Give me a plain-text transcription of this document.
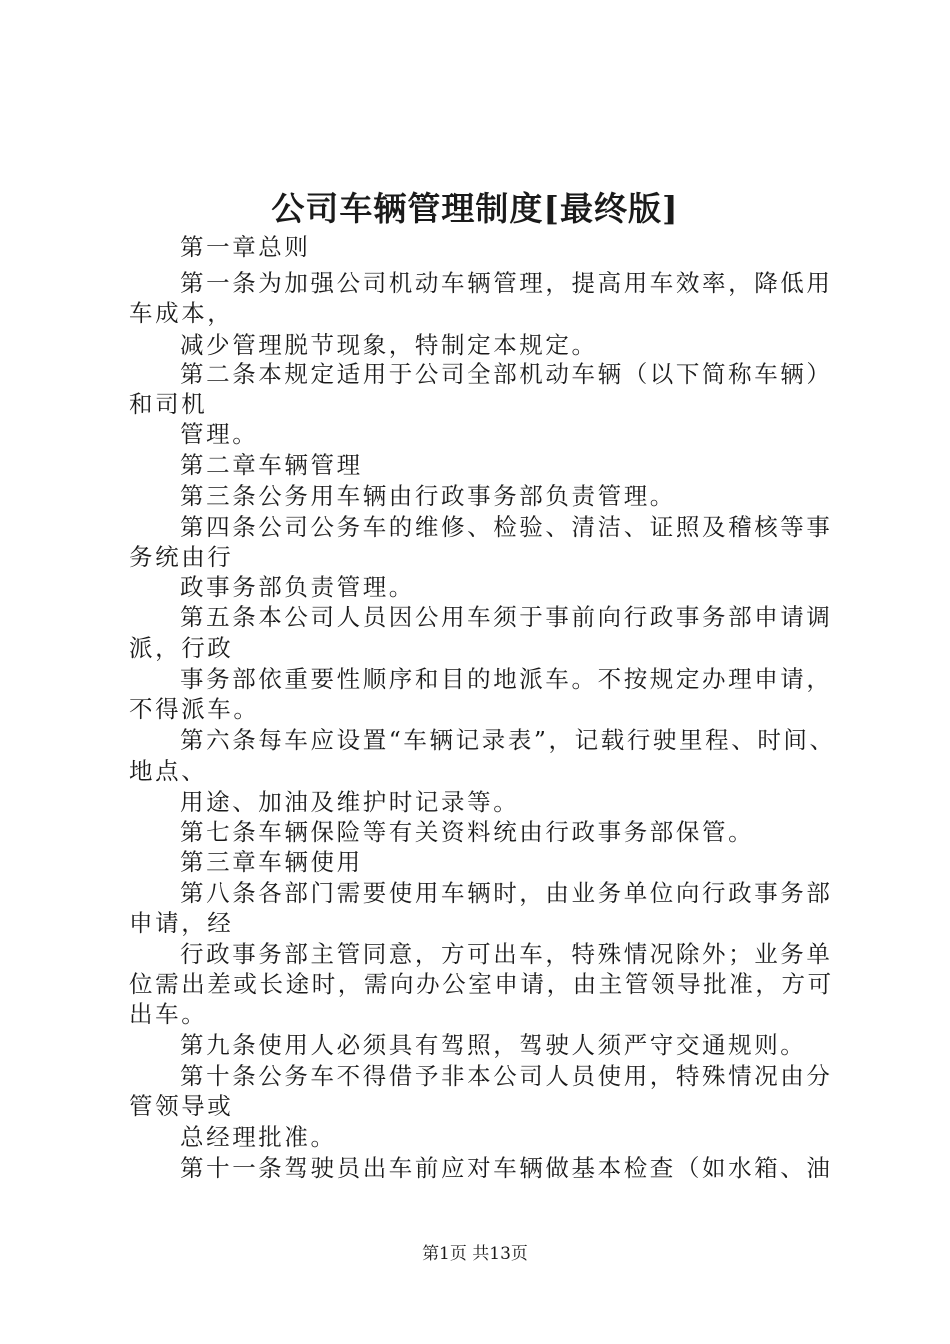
公司车辆管理制度[最终版]
第一章总则
第一条为加强公司机动车辆管理，提高用车效率，降低用
车成本，
减少管理脱节现象，特制定本规定。
第二条本规定适用于公司全部机动车辆（以下简称车辆）
和司机
管理。
第二章车辆管理
第三条公务用车辆由行政事务部负责管理。
第四条公司公务车的维修、检验、清洁、证照及稽核等事
务统由行
政事务部负责管理。
第五条本公司人员因公用车须于事前向行政事务部申请调
派，行政
事务部依重要性顺序和目的地派车。不按规定办理申请，
不得派车。
第六条每车应设置“车辆记录表”，记载行驶里程、时间、
地点、
用途、加油及维护时记录等。
第七条车辆保险等有关资料统由行政事务部保管。
第三章车辆使用
第八条各部门需要使用车辆时，由业务单位向行政事务部
申请，经
行政事务部主管同意，方可出车，特殊情况除外；业务单
位需出差或长途时，需向办公室申请，由主管领导批准，方可
出车。
第九条使用人必须具有驾照，驾驶人须严守交通规则。
第十条公务车不得借予非本公司人员使用，特殊情况由分
管领导或
总经理批准。
第十一条驾驶员出车前应对车辆做基本检查（如水箱、油
第1页 共13页
